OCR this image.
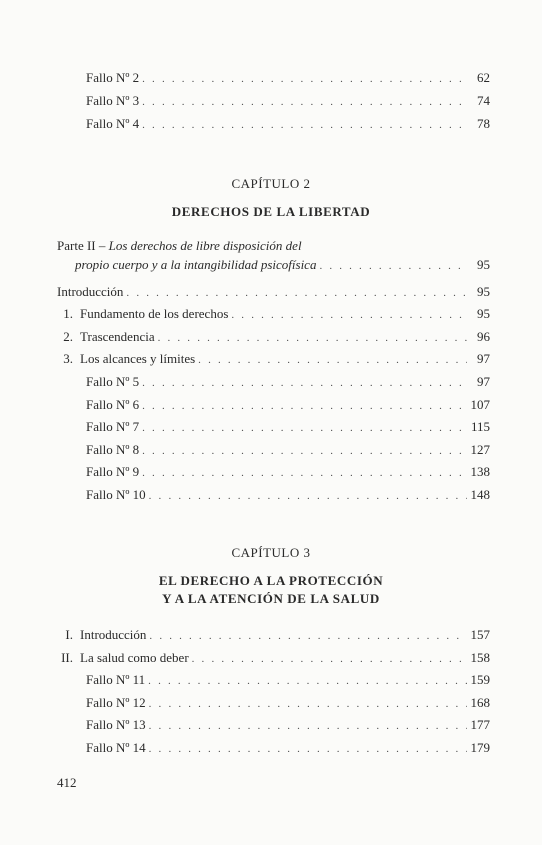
Fallo Nº 2 . . .	62
Fallo Nº 3 . . .	74
Fallo Nº 4 . . .	78
CAPÍTULO 2
DERECHOS DE LA LIBERTAD
Parte II – Los derechos de libre disposición del
propio cuerpo y a la intangibilidad psicofísica . . .	95
Introducción . . .	95
1. Fundamento de los derechos . . .	95
2. Trascendencia . . .	96
3. Los alcances y límites . . .	97
Fallo Nº 5 . . .	97
Fallo Nº 6 . . .	107
Fallo Nº 7 . . .	115
Fallo Nº 8 . . .	127
Fallo Nº 9 . . .	138
Fallo Nº 10 . . .	148
CAPÍTULO 3
EL DERECHO A LA PROTECCIÓN
Y A LA ATENCIÓN DE LA SALUD
I. Introducción . . .	157
II. La salud como deber . . .	158
Fallo Nº 11 . . .	159
Fallo Nº 12 . . .	168
Fallo Nº 13 . . .	177
Fallo Nº 14 . . .	179
412
